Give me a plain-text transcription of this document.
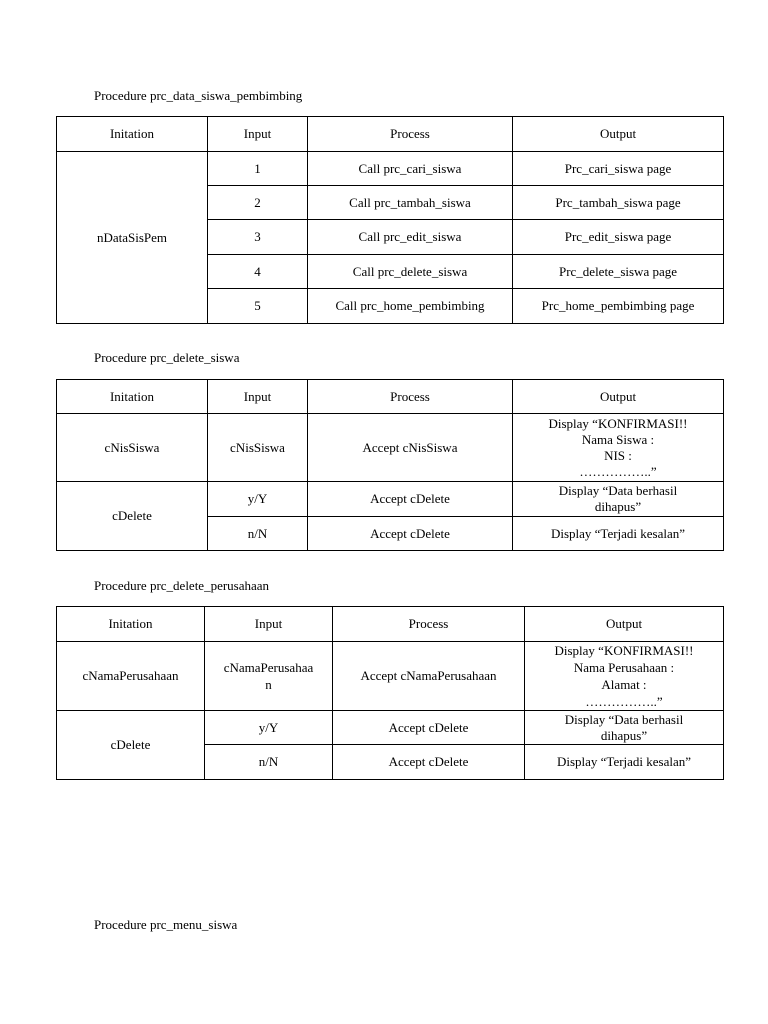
Procedure prc_data_siswa_pembimbing
Initation	Input	Process	Output
nDataSisPem	1	Call prc_cari_siswa	Prc_cari_siswa page
	2	Call prc_tambah_siswa	Prc_tambah_siswa page
	3	Call prc_edit_siswa	Prc_edit_siswa page
	4	Call prc_delete_siswa	Prc_delete_siswa page
	5	Call prc_home_pembimbing	Prc_home_pembimbing page
Procedure prc_delete_siswa
Initation	Input	Process	Output
cNisSiswa	cNisSiswa	Accept cNisSiswa	Display “KONFIRMASI!!
Nama Siswa :
NIS :
……………..”

cDelete	y/Y	Accept cDelete	Display “Data berhasil
dihapus”

	n/N	Accept cDelete	Display “Terjadi kesalan”
Procedure prc_delete_perusahaan
Initation	Input	Process	Output
cNamaPerusahaan	cNamaPerusahaa
n	Accept cNamaPerusahaan	Display “KONFIRMASI!!
Nama Perusahaan :
Alamat :
……………..”

cDelete	y/Y	Accept cDelete	Display “Data berhasil
dihapus”

	n/N	Accept cDelete	Display “Terjadi kesalan”
Procedure prc_menu_siswa
